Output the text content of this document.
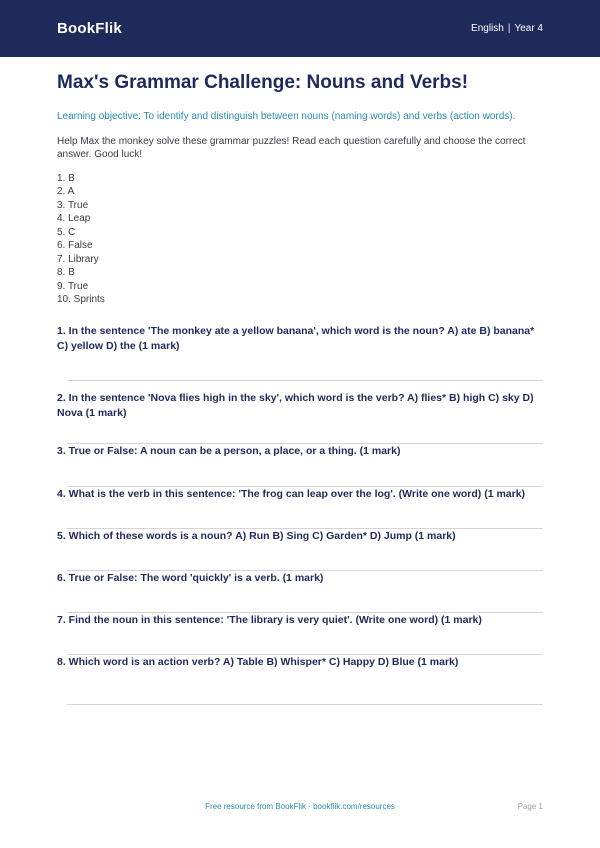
BookFlik	English | Year 4
Max's Grammar Challenge: Nouns and Verbs!
Learning objective: To identify and distinguish between nouns (naming words) and verbs (action words).
Help Max the monkey solve these grammar puzzles! Read each question carefully and choose the correct answer. Good luck!
1. B
2. A
3. True
4. Leap
5. C
6. False
7. Library
8. B
9. True
10. Sprints
1. In the sentence 'The monkey ate a yellow banana', which word is the noun? A) ate B) banana* C) yellow D) the (1 mark)
2. In the sentence 'Nova flies high in the sky', which word is the verb? A) flies* B) high C) sky D) Nova (1 mark)
3. True or False: A noun can be a person, a place, or a thing. (1 mark)
4. What is the verb in this sentence: 'The frog can leap over the log'. (Write one word) (1 mark)
5. Which of these words is a noun? A) Run B) Sing C) Garden* D) Jump (1 mark)
6. True or False: The word 'quickly' is a verb. (1 mark)
7. Find the noun in this sentence: 'The library is very quiet'. (Write one word) (1 mark)
8. Which word is an action verb? A) Table B) Whisper* C) Happy D) Blue (1 mark)
Free resource from BookFlik · bookflik.com/resources	Page 1
